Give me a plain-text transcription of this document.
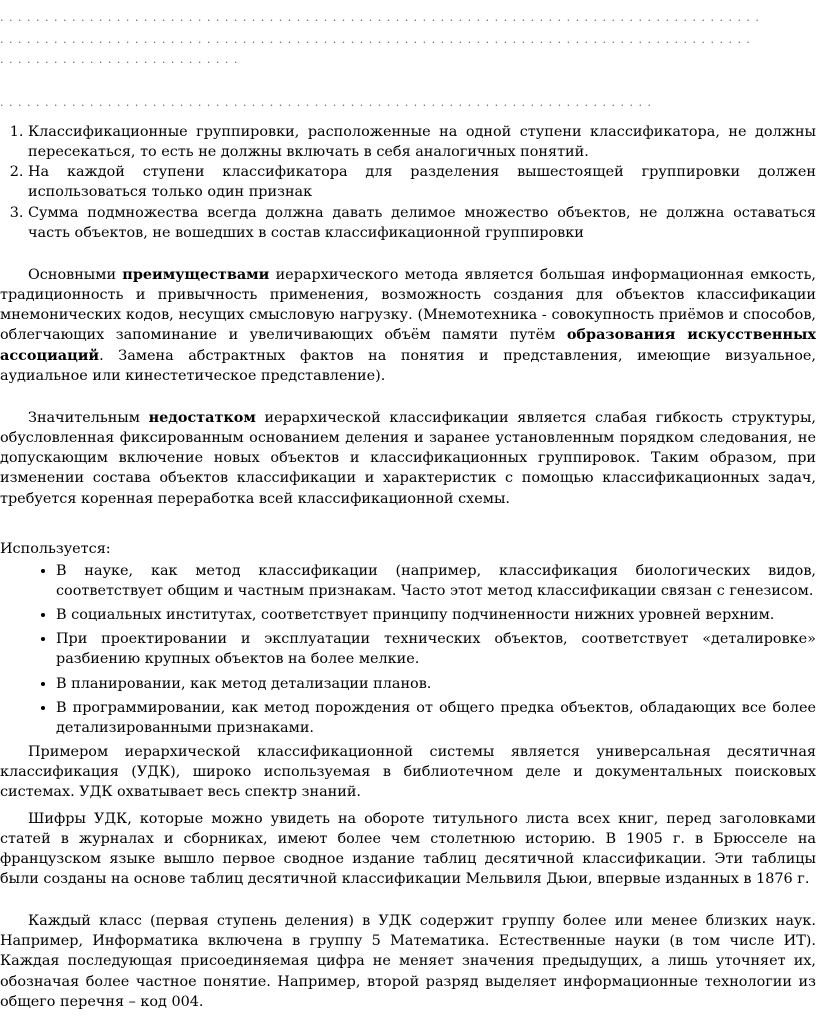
. . . . . . . . . . . . . . . . . . . . . . . . . . . . . . . . . . . . . . . . . . . . . . . . . . . . . . . . . . . . . . . . . . . . . . . . . . . . . . . . . . . . .
. . . . . . . . . . . . . . . . . . . . . . . . . . . . . . . . . . . . . . . . . . . . . . . . . . . . . . . . . . . . . . . . . . . . . . . . . . . . . . . . . . . .
. . . . . . . . . . . . . . . . . . . . . . . . . . .
. . . . . . . . . . . . . . . . . . . . . . . . . . . . . . . . . . . . . . . . . . . . . . . . . . . . . . . . . . . . . . . . . . . . . . . . .
1. Классификационные группировки, расположенные на одной ступени классификатора, не должны пересекаться, то есть не должны включать в себя аналогичных понятий.
2. На каждой ступени классификатора для разделения вышестоящей группировки должен использоваться только один признак
3. Сумма подмножества всегда должна давать делимое множество объектов, не должна оставаться часть объектов, не вошедших в состав классификационной группировки

Основными преимуществами иерархического метода является большая информационная емкость, традиционность и привычность применения, возможность создания для объектов классификации мнемонических кодов, несущих смысловую нагрузку. (Мнемотехника - совокупность приёмов и способов, облегчающих запоминание и увеличивающих объём памяти путём образования искусственных ассоциаций. Замена абстрактных фактов на понятия и представления, имеющие визуальное, аудиальное или кинестетическое представление).

Значительным недостатком иерархической классификации является слабая гибкость структуры, обусловленная фиксированным основанием деления и заранее установленным порядком следования, не допускающим включение новых объектов и классификационных группировок. Таким образом, при изменении состава объектов классификации и характеристик с помощью классификационных задач, требуется коренная переработка всей классификационной схемы.

Используется:
• В науке, как метод классификации (например, классификация биологических видов, соответствует общим и частным признакам. Часто этот метод классификации связан с генезисом.
• В социальных институтах, соответствует принципу подчиненности нижних уровней верхним.
• При проектировании и эксплуатации технических объектов, соответствует «деталировке» разбиению крупных объектов на более мелкие.
• В планировании, как метод детализации планов.
• В программировании, как метод порождения от общего предка объектов, обладающих все более детализированными признаками.

Примером иерархической классификационной системы является универсальная десятичная классификация (УДК), широко используемая в библиотечном деле и документальных поисковых системах. УДК охватывает весь спектр знаний.

Шифры УДК, которые можно увидеть на обороте титульного листа всех книг, перед заголовками статей в журналах и сборниках, имеют более чем столетнюю историю. В 1905 г. в Брюсселе на французском языке вышло первое сводное издание таблиц десятичной классификации. Эти таблицы были созданы на основе таблиц десятичной классификации Мельвиля Дьюи, впервые изданных в 1876 г.

Каждый класс (первая ступень деления) в УДК содержит группу более или менее близких наук. Например, Информатика включена в группу 5 Математика. Естественные науки (в том числе ИТ). Каждая последующая присоединяемая цифра не меняет значения предыдущих, а лишь уточняет их, обозначая более частное понятие. Например, второй разряд выделяет информационные технологии из общего перечня – код 004.
